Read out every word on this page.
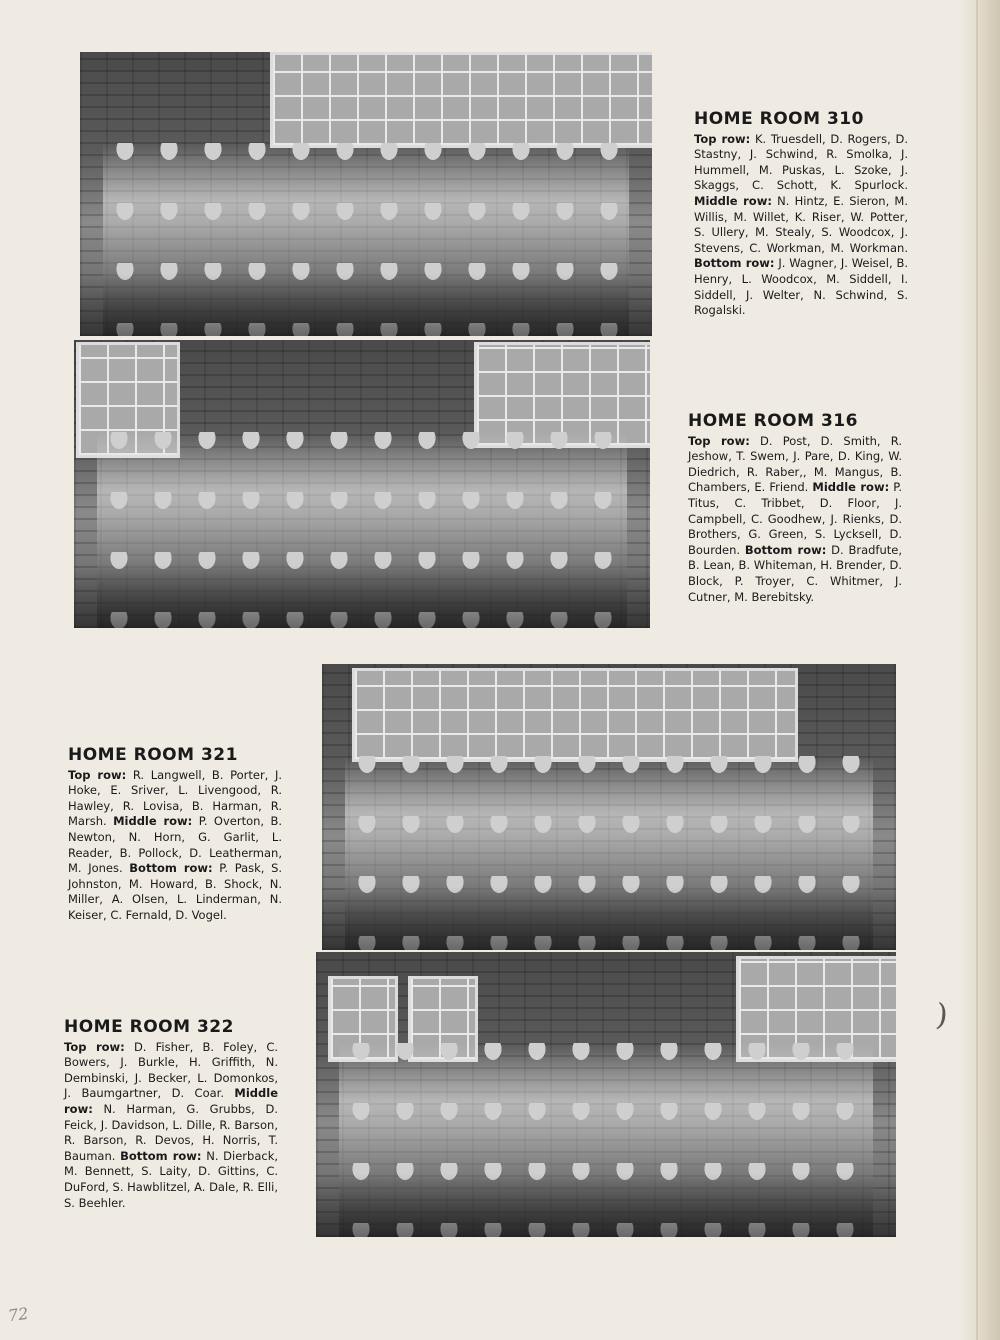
HOME ROOM 310
Top row: K. Truesdell, D. Rogers, D. Stastny, J. Schwind, R. Smolka, J. Hummell, M. Puskas, L. Szoke, J. Skaggs, C. Schott, K. Spurlock. Middle row: N. Hintz, E. Sieron, M. Willis, M. Willet, K. Riser, W. Potter, S. Ullery, M. Stealy, S. Woodcox, J. Stevens, C. Workman, M. Workman. Bottom row: J. Wagner, J. Weisel, B. Henry, L. Woodcox, M. Siddell, I. Siddell, J. Welter, N. Schwind, S. Rogalski.
HOME ROOM 316
Top row: D. Post, D. Smith, R. Jeshow, T. Swem, J. Pare, D. King, W. Diedrich, R. Raber,, M. Mangus, B. Chambers, E. Friend. Middle row: P. Titus, C. Tribbet, D. Floor, J. Campbell, C. Goodhew, J. Rienks, D. Brothers, G. Green, S. Lycksell, D. Bourden. Bottom row: D. Bradfute, B. Lean, B. Whiteman, H. Brender, D. Block, P. Troyer, C. Whitmer, J. Cutner, M. Berebitsky.
HOME ROOM 321
Top row: R. Langwell, B. Porter, J. Hoke, E. Sriver, L. Livengood, R. Hawley, R. Lovisa, B. Harman, R. Marsh. Middle row: P. Overton, B. Newton, N. Horn, G. Garlit, L. Reader, B. Pollock, D. Leatherman, M. Jones. Bottom row: P. Pask, S. Johnston, M. Howard, B. Shock, N. Miller, A. Olsen, L. Linderman, N. Keiser, C. Fernald, D. Vogel.
HOME ROOM 322
Top row: D. Fisher, B. Foley, C. Bowers, J. Burkle, H. Griffith, N. Dembinski, J. Becker, L. Domonkos, J. Baumgartner, D. Coar. Middle row: N. Harman, G. Grubbs, D. Feick, J. Davidson, L. Dille, R. Barson, R. Barson, R. Devos, H. Norris, T. Bauman. Bottom row: N. Dierback, M. Bennett, S. Laity, D. Gittins, C. DuFord, S. Hawblitzel, A. Dale, R. Elli, S. Beehler.
)
72
